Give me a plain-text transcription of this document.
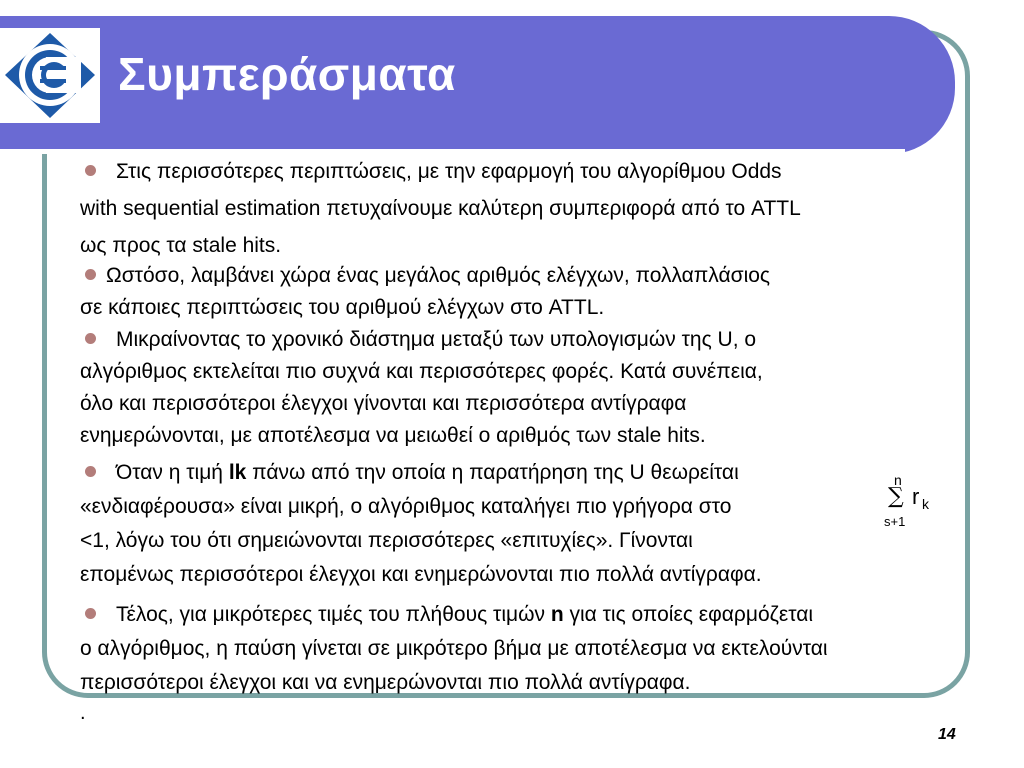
Συμπεράσματα
Στις περισσότερες περιπτώσεις, με την εφαρμογή του αλγορίθμου Odds
with sequential estimation πετυχαίνουμε καλύτερη συμπεριφορά από το ATTL
ως προς τα stale hits.
Ωστόσο, λαμβάνει χώρα ένας μεγάλος αριθμός ελέγχων, πολλαπλάσιος
σε κάποιες περιπτώσεις του αριθμού ελέγχων στο ATTL.
Μικραίνοντας το χρονικό διάστημα μεταξύ των υπολογισμών της U, ο
αλγόριθμος εκτελείται πιο συχνά και περισσότερες φορές. Κατά συνέπεια,
όλο και περισσότεροι έλεγχοι γίνονται και περισσότερα αντίγραφα
ενημερώνονται, με αποτέλεσμα να μειωθεί ο αριθμός των stale hits.
Όταν η τιμή lk πάνω από την οποία η παρατήρηση της U θεωρείται
«ενδιαφέρουσα» είναι μικρή, ο αλγόριθμος καταλήγει πιο γρήγορα στο
<1, λόγω του ότι σημειώνονται περισσότερες «επιτυχίες». Γίνονται
επομένως περισσότεροι έλεγχοι και ενημερώνονται πιο πολλά αντίγραφα.
Τέλος, για μικρότερες τιμές του πλήθους τιμών n για τις οποίες εφαρμόζεται
ο αλγόριθμος, η παύση γίνεται σε μικρότερο βήμα με αποτέλεσμα να εκτελούνται
περισσότεροι έλεγχοι και να ενημερώνονται πιο πολλά αντίγραφα.
n
∑ r k
s+1
.
14
